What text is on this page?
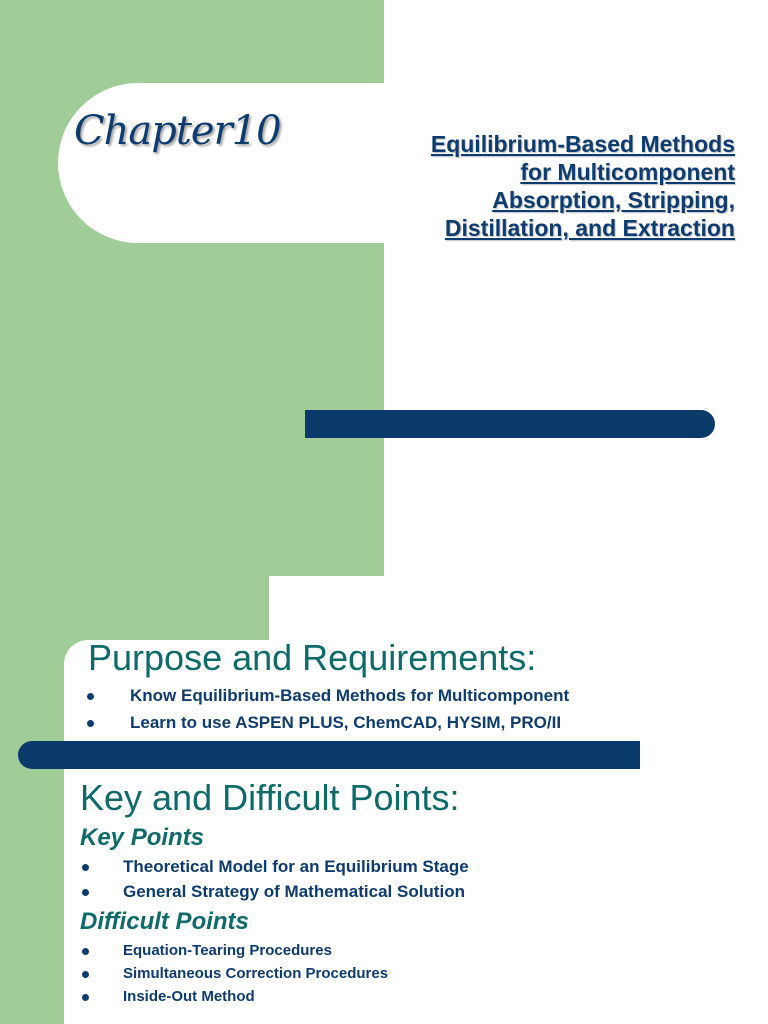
Chapter10	Equilibrium-Based Methods
for Multicomponent
Absorption, Stripping,
Distillation, and Extraction
Purpose and Requirements:
Know Equilibrium-Based Methods for Multicomponent
Learn to use ASPEN PLUS, ChemCAD, HYSIM, PRO/II
Key and Difficult Points:
Key Points
Theoretical Model for an Equilibrium Stage
General Strategy of Mathematical Solution
Difficult Points
Equation-Tearing Procedures
Simultaneous Correction Procedures
Inside-Out Method
